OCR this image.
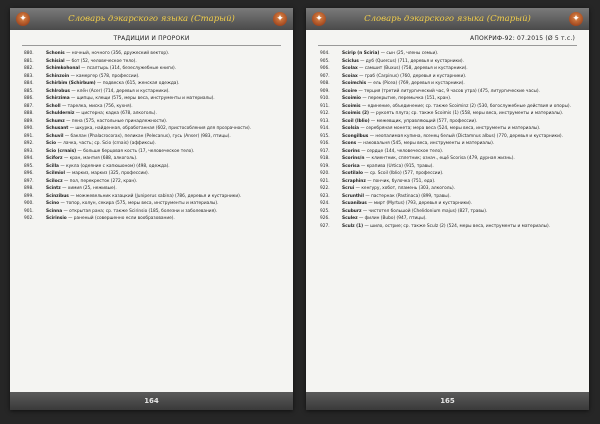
✦	Словарь дэкарского языка (Старый)	✦
ТРАДИЦИИ И ПРОРОКИ
880.	Schonis — ночный, ночного (356, дружеский вектор).
881.	Schisial — бот (52, человеческое тело).
882.	Schimkohonal — псалтырь (314, безеслужебные книги).
883.	Schinzoin — камергер (578, профессии).
884.	Schirbim (Schirbum) — подвеска (615, женская одежда).
885.	Schlrobus — клён (Acer) (714, деревья и кустарники).
886.	Schirzima — щипцы, клещи (575, меры веса, инструменты и материалы).
887.	Scholl — тарелка, миска (756, кухня).
888.	Schulderniz — цистерна; кадка (678, алкоголь).
889.	Schumz — пена (575, настольные принадлежности).
890.	Schusant — шкурка, найденная, обработанная (602, пристособления для прозрачности).
891.	Schuvil — баклан (Phalacrocorax), пеликан (Pelecanus), гусь (Anser) (983, птицы).
892.	Scio — лачка, часть; ср. Scio (crnais) (аффиксы).
893.	Scio (crnais) — больше берцовая кость (17, человеческое тело).
894.	Sciforz — кран, мантия (688, алкоголь).
895.	Scilla — кукла (одеяние с капюшоном) (498, одежда).
896.	Scilmiol — маркиз, маркиз (325, профессии).
897.	Scilocz — пол, перекресток (272, кран).
898.	Scintz — химия (25, неживые).
899.	Scinzibus — можжевельник казацкий (Juniperus sabina) (786, деревья и кустарники).
900.	Scino — топор, колун, секира (575, меры веса, инструменты и материалы).
901.	Scinna — открытая рана; ср. также Scirinsio (185, болезни и заболевания).
902.	Scirinsio — раненый (совершенно если вообразование).
164
✦	Словарь дэкарского языка (Старый)	✦
АПОКРИФ-92: 07.2015 (Ø 5 т.с.)
904.	Scirip (n Sciria) — сын (25, члены семьи).
905.	Sciclus — дуб (Quercus) (711, деревья и кустарники).
906.	Scolax — самшит (Buxus) (758, деревья и кустарники).
907.	Scoiax — граб (Carpinus) (760, деревья и кустарники).
908.	Scoimchis — ель (Picea) (769, деревья и кустарники).
909.	Scoire — терция (третий литургический час, 9 часов утра) (475, литургические часы).
910.	Scoimio — перекрытие, перемычка (151, кран).
911.	Scoimis — единение, объединение; ср. также Scoiminz (2) (530, богослужебные действия и опоры).
912.	Scoimis (2) — рукоять плуга; ср. также Scoimis (1) (558, меры веса, инструменты и материалы).
913.	Scoil (Iblio) — межевщик, управляющий (577, профессии).
914.	Scolsia — серебряная монета; мера веса (524, меры веса, инструменты и материалы).
915.	Scongilbus — неопалимая купина, ясенец белый (Dictamnus albus) (770, деревья и кустарники).
916.	Scons — наковальня (545, меры веса, инструменты и материалы).
917.	Scorins — сердце (144, человеческое тело).
918.	Scorins/n — клиентник, сплетник; означ., ещё Scorisa (479, дурная жизнь).
919.	Scorisa — крапива (Urtica) (915, травы).
920.	Scotilalo — ср. Scoil (Iblio) (577, профессии).
921.	Scraphinz — пончик, булочка (751, еда).
922.	Scrui — кенгуру, хобот, пламень (303, алкоголь).
923.	Scrunthil — пастернак (Pastinaca) (899, травы).
924.	Scuanibus — мирт (Myrtus) (793, деревья и кустарники).
925.	Scuburz — чистотел большой (Chelidonium majus) (827, травы).
926.	Sculez — филин (Bubo) (947, птицы).
927.	Sculz (1) — шило, острие; ср. также Sculz (2) (524, меры веса, инструменты и материалы).
165
